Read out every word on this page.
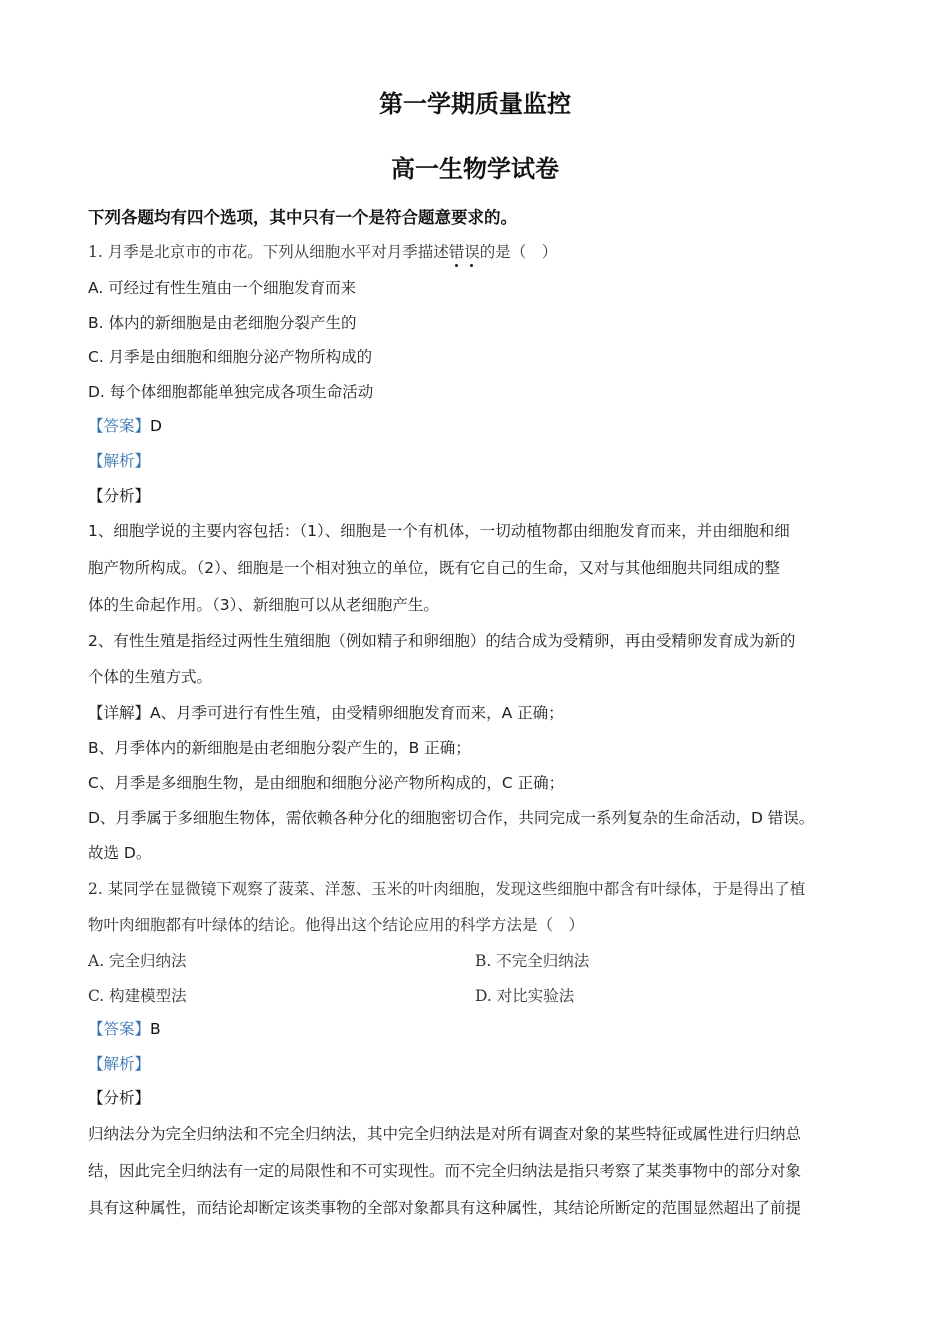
第一学期质量监控
高一生物学试卷
下列各题均有四个选项，其中只有一个是符合题意要求的。
1. 月季是北京市的市花。下列从细胞水平对月季描述错误的是（　）
A. 可经过有性生殖由一个细胞发育而来
B. 体内的新细胞是由老细胞分裂产生的
C. 月季是由细胞和细胞分泌产物所构成的
D. 每个体细胞都能单独完成各项生命活动
【答案】D
【解析】
【分析】
1、细胞学说的主要内容包括：（1）、细胞是一个有机体，一切动植物都由细胞发育而来，并由细胞和细
胞产物所构成。（2）、细胞是一个相对独立的单位，既有它自己的生命，又对与其他细胞共同组成的整
体的生命起作用。（3）、新细胞可以从老细胞产生。
2、有性生殖是指经过两性生殖细胞（例如精子和卵细胞）的结合成为受精卵，再由受精卵发育成为新的
个体的生殖方式。
【详解】A、月季可进行有性生殖，由受精卵细胞发育而来，A 正确；
B、月季体内的新细胞是由老细胞分裂产生的，B 正确；
C、月季是多细胞生物，是由细胞和细胞分泌产物所构成的，C 正确；
D、月季属于多细胞生物体，需依赖各种分化的细胞密切合作，共同完成一系列复杂的生命活动，D 错误。
故选 D。
2. 某同学在显微镜下观察了菠菜、洋葱、玉米的叶肉细胞，发现这些细胞中都含有叶绿体，于是得出了植
物叶肉细胞都有叶绿体的结论。他得出这个结论应用的科学方法是（　）
A. 完全归纳法	B. 不完全归纳法
C. 构建模型法	D. 对比实验法
【答案】B
【解析】
【分析】
归纳法分为完全归纳法和不完全归纳法，其中完全归纳法是对所有调查对象的某些特征或属性进行归纳总
结，因此完全归纳法有一定的局限性和不可实现性。而不完全归纳法是指只考察了某类事物中的部分对象
具有这种属性，而结论却断定该类事物的全部对象都具有这种属性，其结论所断定的范围显然超出了前提
